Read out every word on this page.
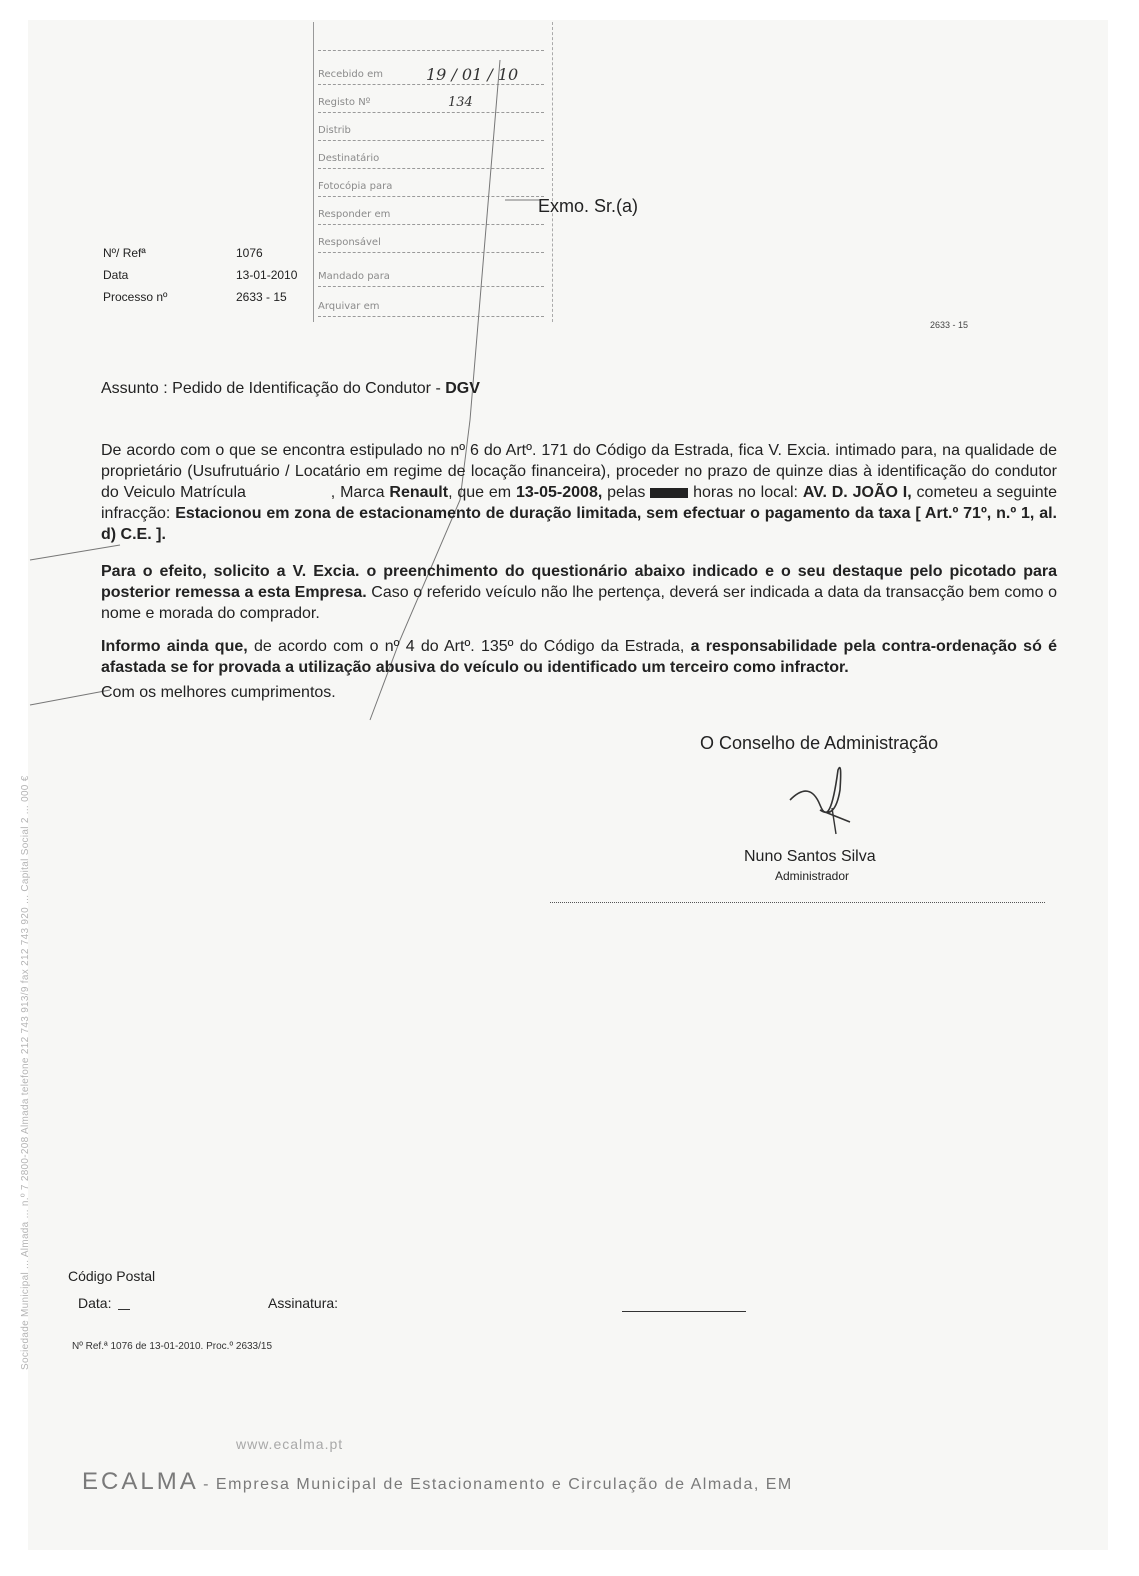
Recebido em	19 / 01 / 10
Registo Nº	134
Distrib
Destinatário
Fotocópia para
Responder em
Responsável
Mandado para
Arquivar em
Nº/ Refª	1076
Data	13-01-2010
Processo nº	2633 - 15
Exmo. Sr.(a)
2633 - 15
Assunto : Pedido de Identificação do Condutor - DGV
De acordo com o que se encontra estipulado no nº 6 do Artº. 171 do Código da Estrada, fica V. Excia. intimado para, na qualidade de proprietário (Usufrutuário / Locatário em regime de locação financeira), proceder no prazo de quinze dias à identificação do condutor do Veiculo Matrícula	, Marca Renault, que em 13-05-2008, pelas	horas no local: AV. D. JOÃO I, cometeu a seguinte infracção: Estacionou em zona de estacionamento de duração limitada, sem efectuar o pagamento da taxa [ Art.º 71º, n.º 1, al. d) C.E. ].
Para o efeito, solicito a V. Excia. o preenchimento do questionário abaixo indicado e o seu destaque pelo picotado para posterior remessa a esta Empresa. Caso o referido veículo não lhe pertença, deverá ser indicada a data da transacção bem como o nome e morada do comprador.
Informo ainda que, de acordo com o nº 4 do Artº. 135º do Código da Estrada, a responsabilidade pela contra-ordenação só é afastada se for provada a utilização abusiva do veículo ou identificado um terceiro como infractor.
Com os melhores cumprimentos.
O Conselho de Administração
Nuno Santos Silva
Administrador
Sociedade Municipal ... Almada ... n.º 7 2800-208 Almada telefone 212 743 913/9 fax 212 743 920 ... Capital Social 2 ... 000 €	Código Postal
Data:	Assinatura:
Nº Ref.ª 1076 de 13-01-2010. Proc.º 2633/15
www.ecalma.pt
ECALMA - Empresa Municipal de Estacionamento e Circulação de Almada, EM
